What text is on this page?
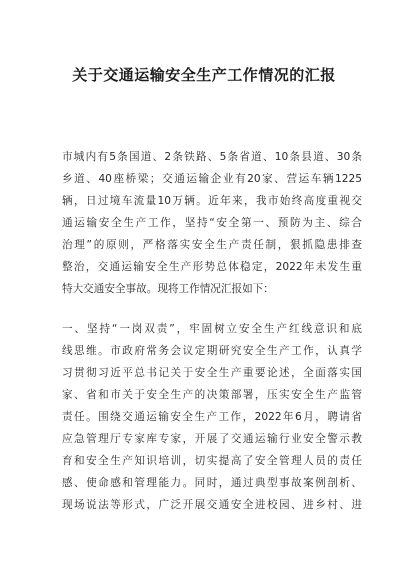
关于交通运输安全生产工作情况的汇报

市城内有5条国道、2条铁路、5条省道、10条县道、30条
乡道、40座桥梁；交通运输企业有20家、营运车辆1225
辆，日过境车流量10万辆。近年来，我市始终高度重视交
通运输安全生产工作，坚持“安全第一、预防为主、综合
治理”的原则，严格落实安全生产责任制，狠抓隐患排查
整治，交通运输安全生产形势总体稳定，2022年未发生重
特大交通安全事故。现将工作情况汇报如下：

一、坚持“一岗双责”，牢固树立安全生产红线意识和底
线思维。市政府常务会议定期研究安全生产工作，认真学
习贯彻习近平总书记关于安全生产重要论述，全面落实国
家、省和市关于安全生产的决策部署，压实安全生产监管
责任。围绕交通运输安全生产工作，2022年6月，聘请省
应急管理厅专家库专家，开展了交通运输行业安全警示教
育和安全生产知识培训，切实提高了安全管理人员的责任
感、使命感和管理能力。同时，通过典型事故案例剖析、
现场说法等形式，广泛开展交通安全进校园、进乡村、进
